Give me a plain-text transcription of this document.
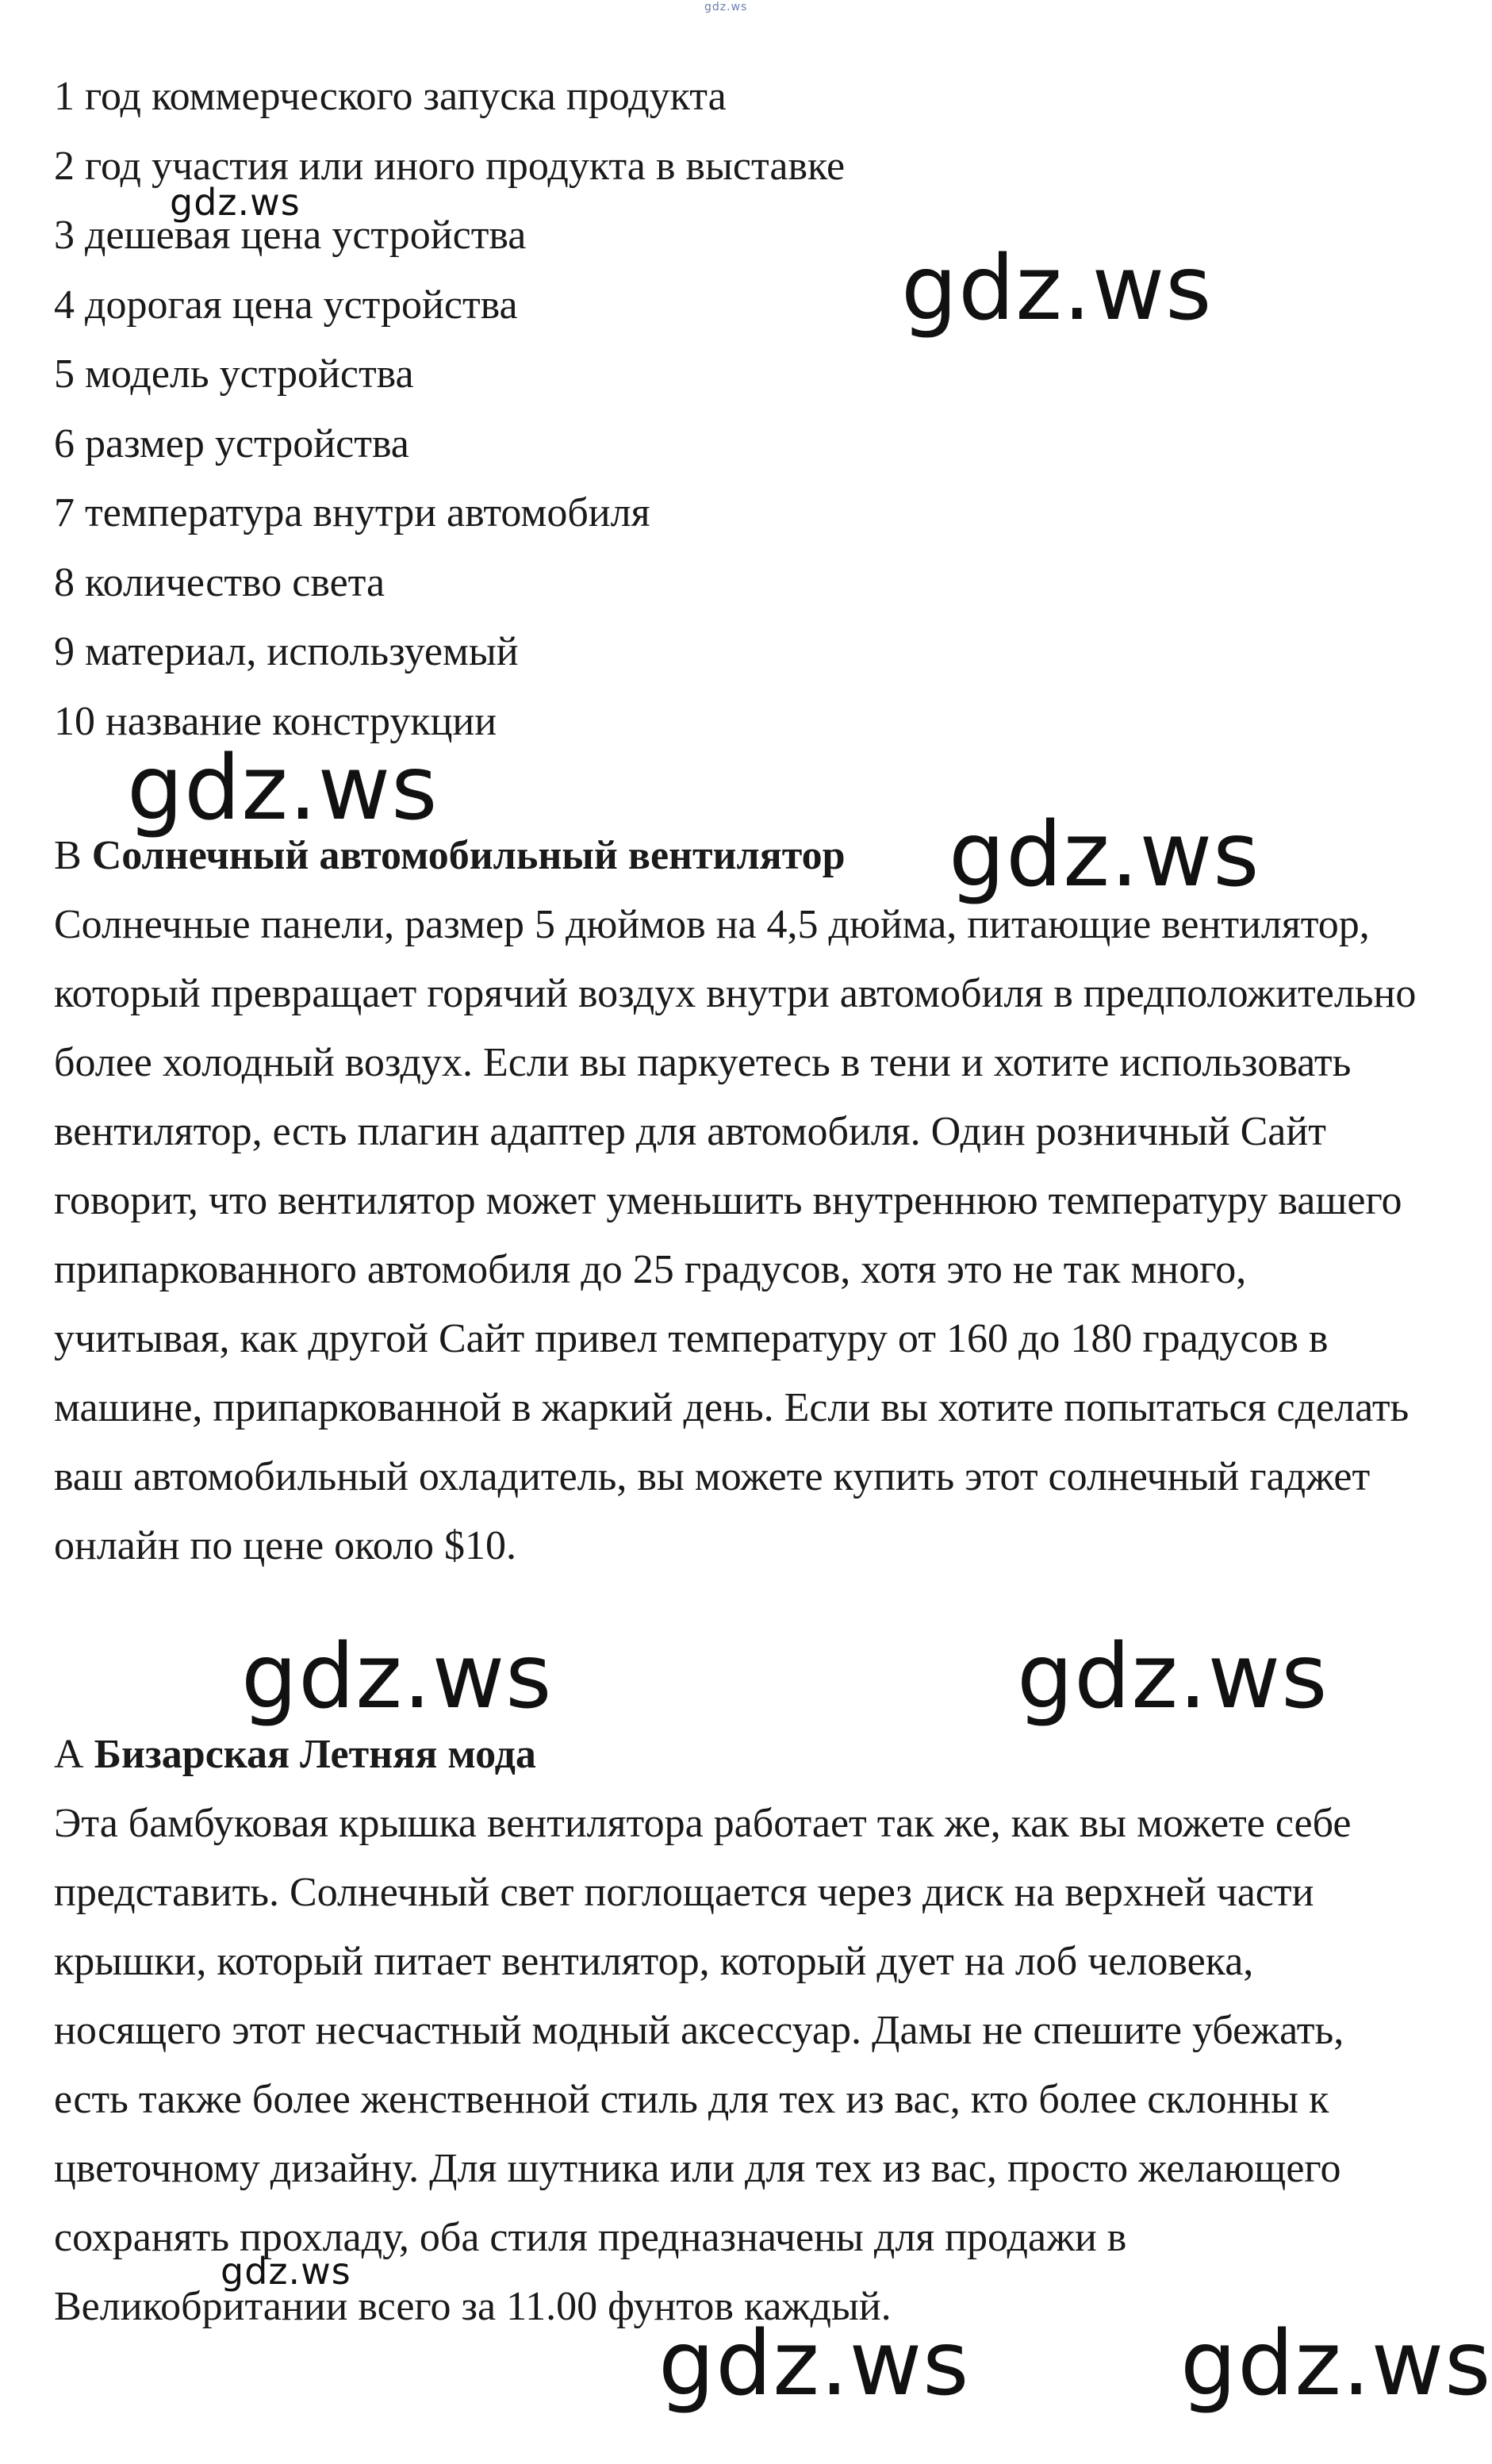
1 год коммерческого запуска продукта
2 год участия или иного продукта в выставке
3 дешевая цена устройства
4 дорогая цена устройства
5 модель устройства
6 размер устройства
7 температура внутри автомобиля
8 количество света
9 материал, используемый
10 название конструкции
В Солнечный автомобильный вентилятор

Солнечные панели, размер 5 дюймов на 4,5 дюйма, питающие вентилятор, который превращает горячий воздух внутри автомобиля в предположительно более холодный воздух. Если вы паркуетесь в тени и хотите использовать вентилятор, есть плагин адаптер для автомобиля. Один розничный Сайт говорит, что вентилятор может уменьшить внутреннюю температуру вашего припаркованного автомобиля до 25 градусов, хотя это не так много, учитывая, как другой Сайт привел температуру от 160 до 180 градусов в машине, припаркованной в жаркий день. Если вы хотите попытаться сделать ваш автомобильный охладитель, вы можете купить этот солнечный гаджет онлайн по цене около $10.

А Бизарская Летняя мода

Эта бамбуковая крышка вентилятора работает так же, как вы можете себе представить. Солнечный свет поглощается через диск на верхней части крышки, который питает вентилятор, который дует на лоб человека, носящего этот несчастный модный аксессуар. Дамы не спешите убежать, есть также более женственной стиль для тех из вас, кто более склонны к цветочному дизайну. Для шутника или для тех из вас, просто желающего сохранять прохладу, оба стиля предназначены для продажи в Великобритании всего за 11.00 фунтов каждый.

gdz.ws
gdz.ws
gdz.ws
gdz.ws
gdz.ws
gdz.ws	gdz.ws
gdz.ws
gdz.ws gdz.ws
